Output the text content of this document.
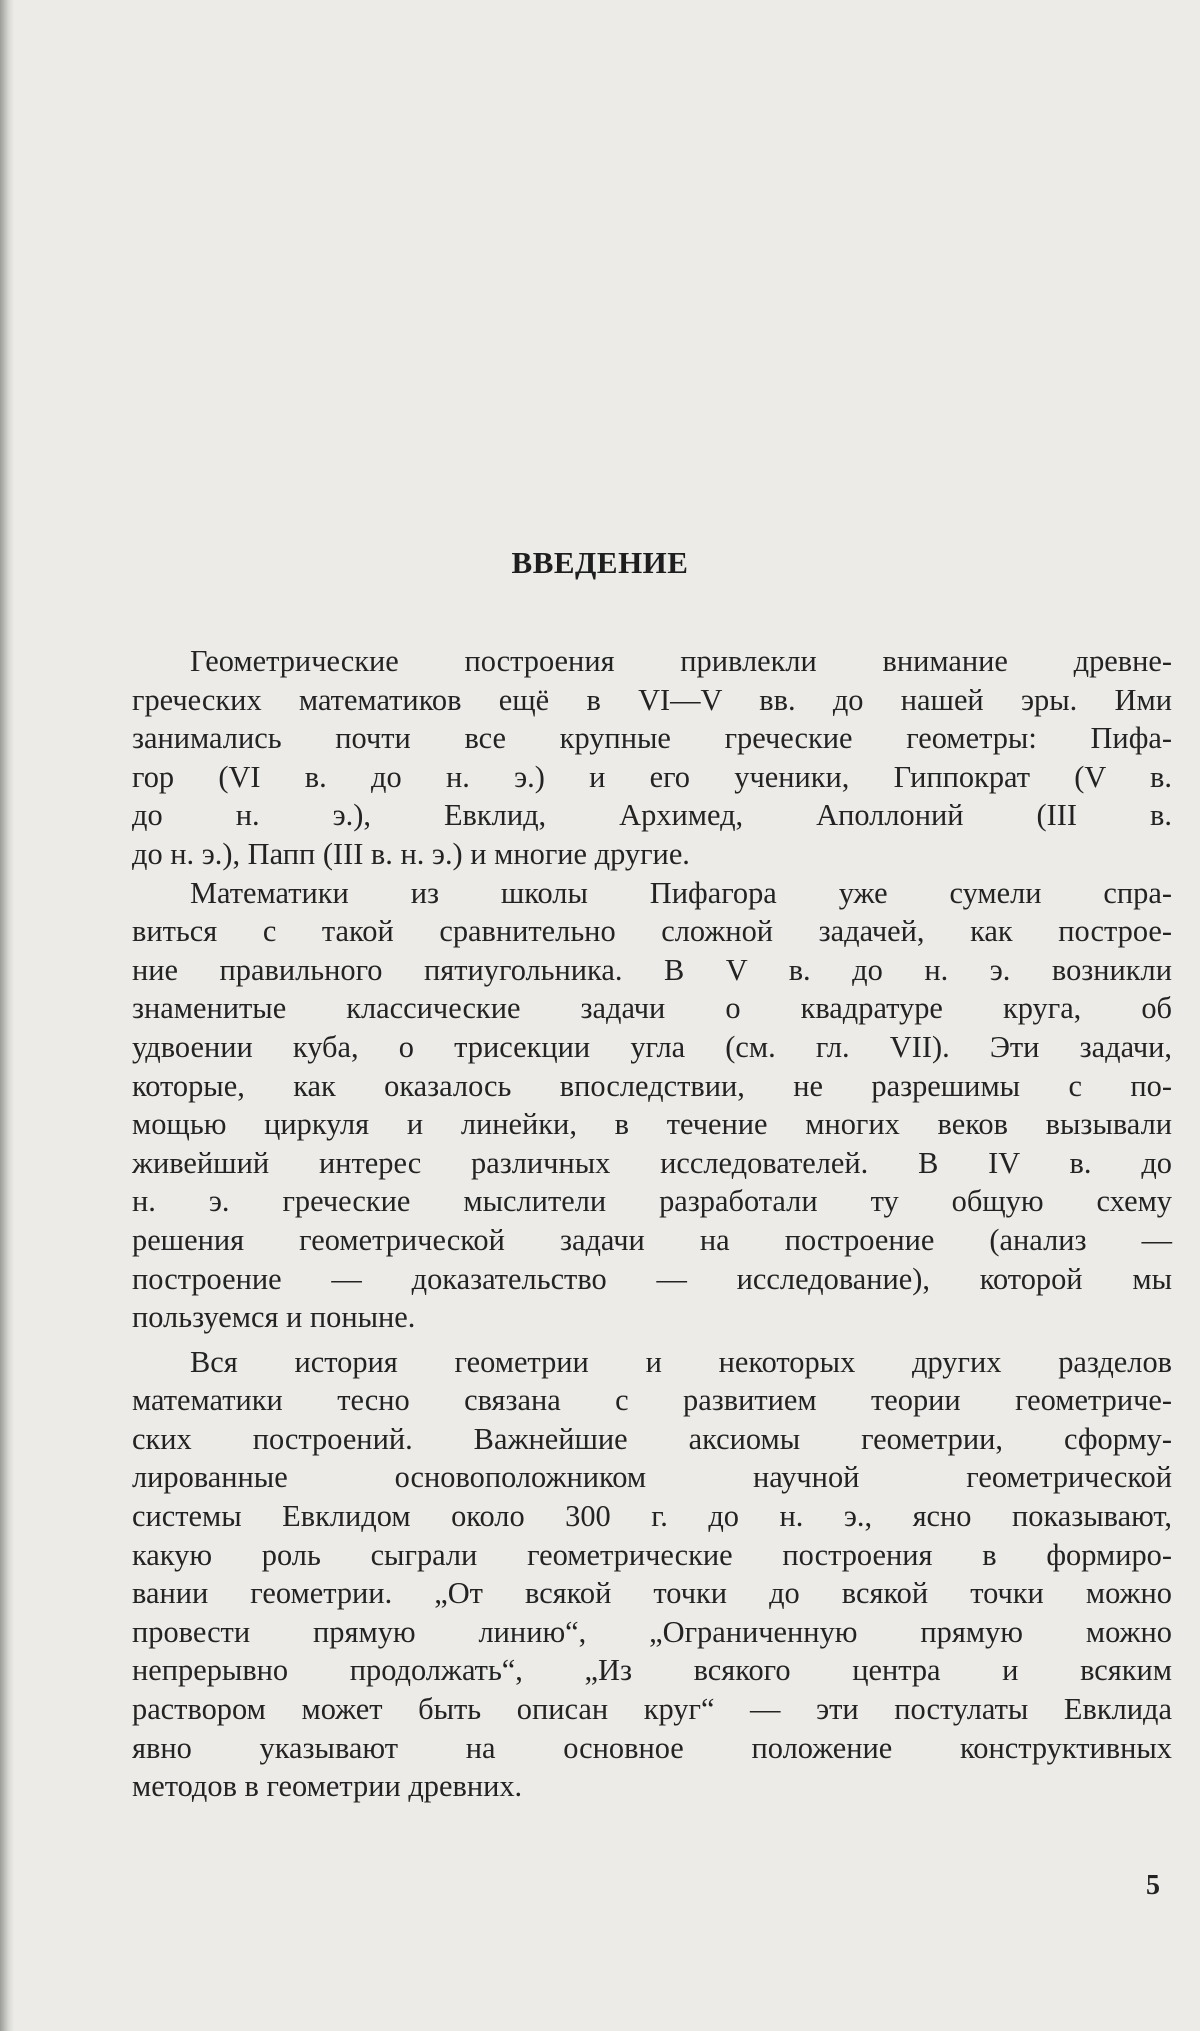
ВВЕДЕНИЕ
Геометрические построения привлекли внимание древне-
греческих математиков ещё в VI—V вв. до нашей эры. Ими
занимались почти все крупные греческие геометры: Пифа-
гор (VI в. до н. э.) и его ученики, Гиппократ (V в.
до н. э.), Евклид, Архимед, Аполлоний (III в.
до н. э.), Папп (III в. н. э.) и многие другие.
Математики из школы Пифагора уже сумели спра-
виться с такой сравнительно сложной задачей, как построе-
ние правильного пятиугольника. В V в. до н. э. возникли
знаменитые классические задачи о квадратуре круга, об
удвоении куба, о трисекции угла (см. гл. VII). Эти задачи,
которые, как оказалось впоследствии, не разрешимы с по-
мощью циркуля и линейки, в течение многих веков вызывали
живейший интерес различных исследователей. В IV в. до
н. э. греческие мыслители разработали ту общую схему
решения геометрической задачи на построение (анализ —
построение — доказательство — исследование), которой мы
пользуемся и поныне.
Вся история геометрии и некоторых других разделов
математики тесно связана с развитием теории геометриче-
ских построений. Важнейшие аксиомы геометрии, сформу-
лированные основоположником научной геометрической
системы Евклидом около 300 г. до н. э., ясно показывают,
какую роль сыграли геометрические построения в формиро-
вании геометрии. „От всякой точки до всякой точки можно
провести прямую линию“, „Ограниченную прямую можно
непрерывно продолжать“, „Из всякого центра и всяким
раствором может быть описан круг“ — эти постулаты Евклида
явно указывают на основное положение конструктивных
методов в геометрии древних.
5
